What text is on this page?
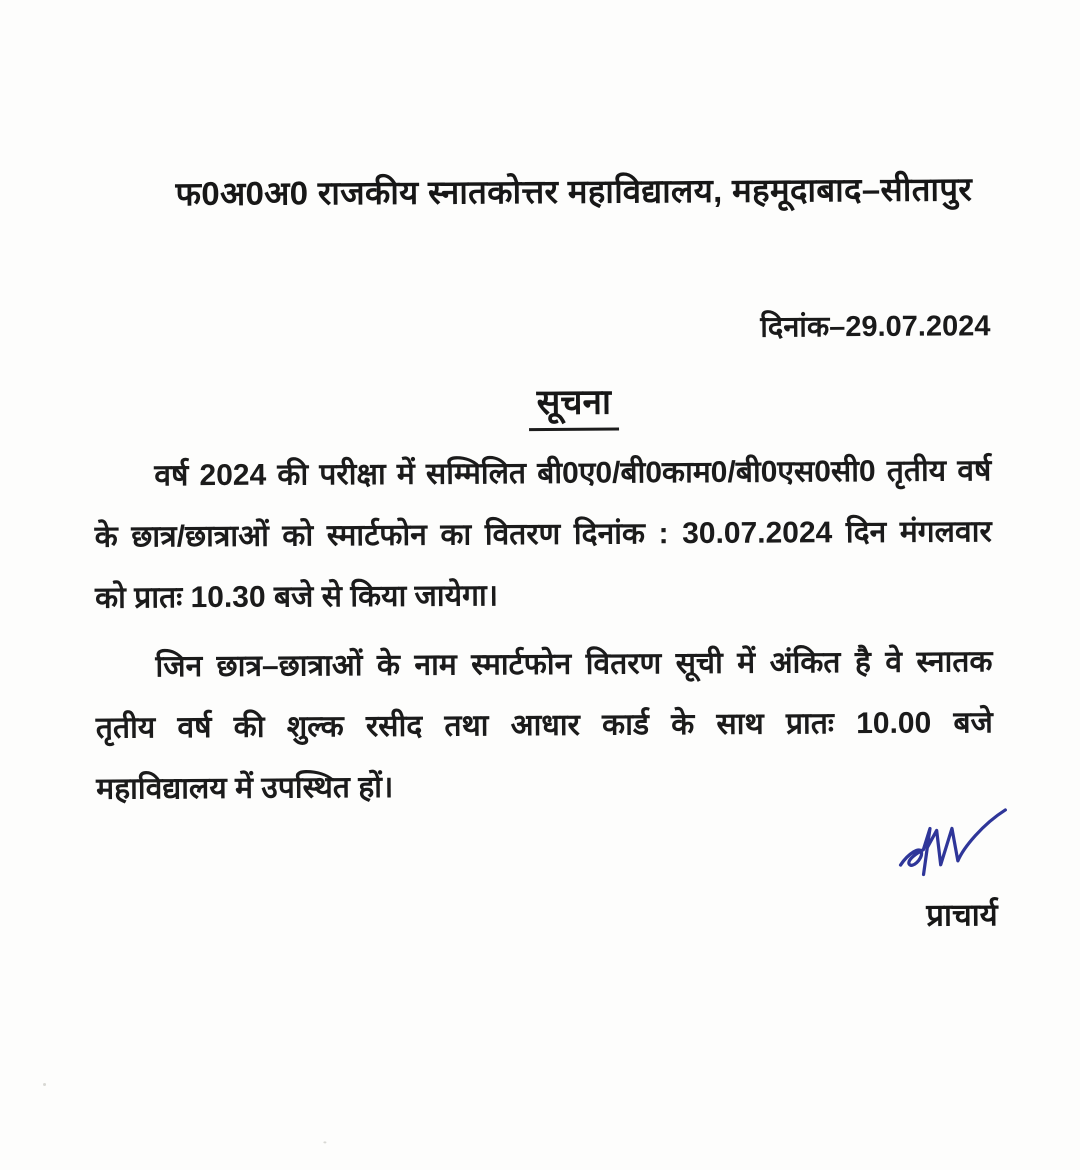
फ0अ0अ0 राजकीय स्नातकोत्तर महाविद्यालय, महमूदाबाद–सीतापुर
दिनांक–29.07.2024
सूचना
वर्ष 2024 की परीक्षा में सम्मिलित बी0ए0/बी0काम0/बी0एस0सी0 तृतीय वर्ष
के छात्र/छात्राओं को स्मार्टफोन का वितरण दिनांक : 30.07.2024 दिन मंगलवार
को प्रातः 10.30 बजे से किया जायेगा।
जिन छात्र–छात्राओं के नाम स्मार्टफोन वितरण सूची में अंकित है वे स्नातक
तृतीय वर्ष की शुल्क रसीद तथा आधार कार्ड के साथ प्रातः 10.00 बजे
महाविद्यालय में उपस्थित हों।
प्राचार्य
